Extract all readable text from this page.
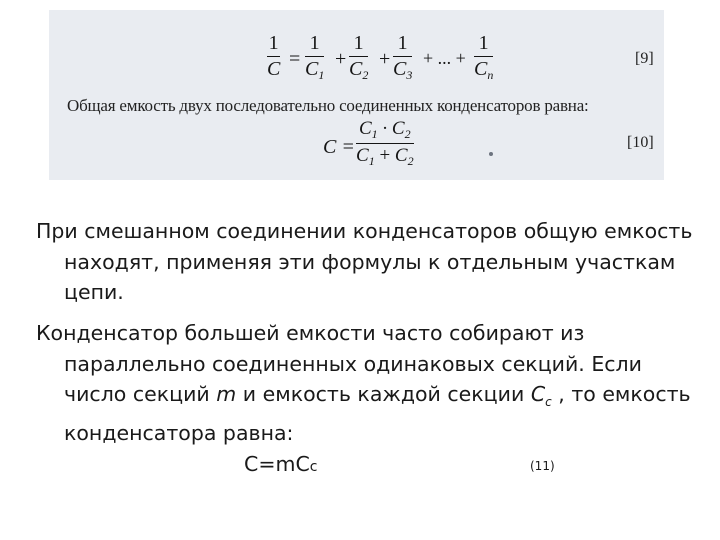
1
C =
1
$C_1$
+
1
$C_2$
+
1
$C_3$
+ ... +
1
$C_n$
[9]
Общая емкость двух последовательно соединенных конденсаторов равна:
C =
$C_1 \cdot C_2$
$C_1 + C_2$
[10]

При смешанном соединении конденсаторов общую емкость находят, применяя эти формулы к отдельным участкам цепи.

Конденсатор большей емкости часто собирают из параллельно соединенных одинаковых секций. Если число секций m и емкость каждой секции $C_c$ , то емкость конденсатора равна:

C=mCc	(11)
